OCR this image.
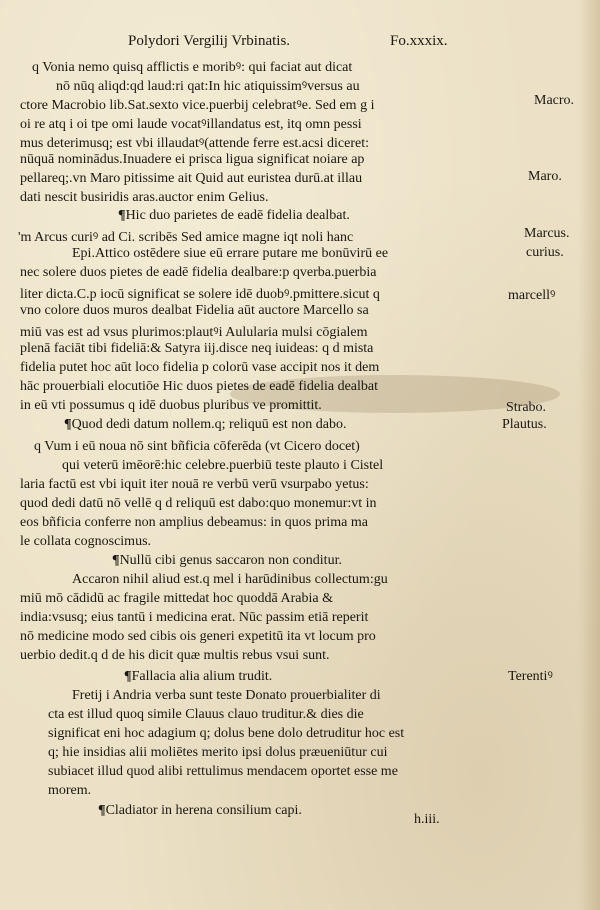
Polydori Vergilij Vrbinatis.	Fo.xxxix.
q Vonia nemo quisq afflictis e moribꝰ: qui faciat aut dicat
nō nūq aliqd:qd laud:ri qat:In hic atiquissimꝰversus au
ctore Macrobio lib.Sat.sexto vice.puerbij celebratꝰe. Sed em g i
oi re atq i oi tpe omi laude vocatꝰillandatus est, itq omn pessi
mus deterimusq; est vbi illaudatꝰ(attende ferre est.acsi diceret:
nūquā nominādus.Inuadere ei prisca ligua significat noiare ap
pellareq;.vn Maro pitissime ait Quid aut euristea durū.at illau
dati nescit busiridis aras.auctor enim Gelius.
¶Hic duo parietes de eadē fidelia dealbat.
'm Arcus curiꝰ ad Ci. scribēs Sed amice magne iqt noli hanc
Epi.Attico ostēdere siue eū errare putare me bonūvirū ee
nec solere duos pietes de eadē fidelia dealbare:p qverba.puerbia
liter dicta.C.p iocū significat se solere idē duobꝰ.pmittere.sicut q
vno colore duos muros dealbat Fidelia aūt auctore Marcello sa
miū vas est ad vsus plurimos:plautꝰi Aulularia mulsi cōgialem
plenā faciāt tibi fideliā:& Satyra iij.disce neq iuideas: q d mista
fidelia putet hoc aūt loco fidelia p colorū vase accipit nos it dem
hāc prouerbiali elocutiōe Hic duos pietes de eadē fidelia dealbat
in eū vti possumus q idē duobus pluribus ve promittit.
¶Quod dedi datum nollem.q; reliquū est non dabo.
q Vum i eū noua nō sint bñficia cōferēda (vt Cicero docet)
qui veterū imēorē:hic celebre.puerbiū teste plauto i Cistel
laria factū est vbi iquit iter nouā re verbū verū vsurpabo yetus:
quod dedi datū nō vellē q d reliquū est dabo:quo monemur:vt in
eos bñficia conferre non amplius debeamus: in quos prima ma
le collata cognoscimus.
¶Nullū cibi genus saccaron non conditur.
Accaron nihil aliud est.q mel i harūdinibus collectum:gu
miū mō cādidū ac fragile mittedat hoc quoddā Arabia &
india:vsusq; eius tantū i medicina erat. Nūc passim etiā reperit
nō medicine modo sed cibis ois generi expetitū ita vt locum pro
uerbio dedit.q d de his dicit quæ multis rebus vsui sunt.
¶Fallacia alia alium trudit.
Fretij i Andria verba sunt teste Donato prouerbialiter di
cta est illud quoq simile Clauus clauo truditur.& dies die
significat eni hoc adagium q; dolus bene dolo detruditur hoc est
q; hie insidias alii moliētes merito ipsi dolus præueniūtur cui
subiacet illud quod alibi rettulimus mendacem oportet esse me
morem.
¶Cladiator in herena consilium capi.
Macro.
Maro.
Marcus.
curius.
marcellꝰ
Strabo.
Plautus.
Terentiꝰ
h.iii.
